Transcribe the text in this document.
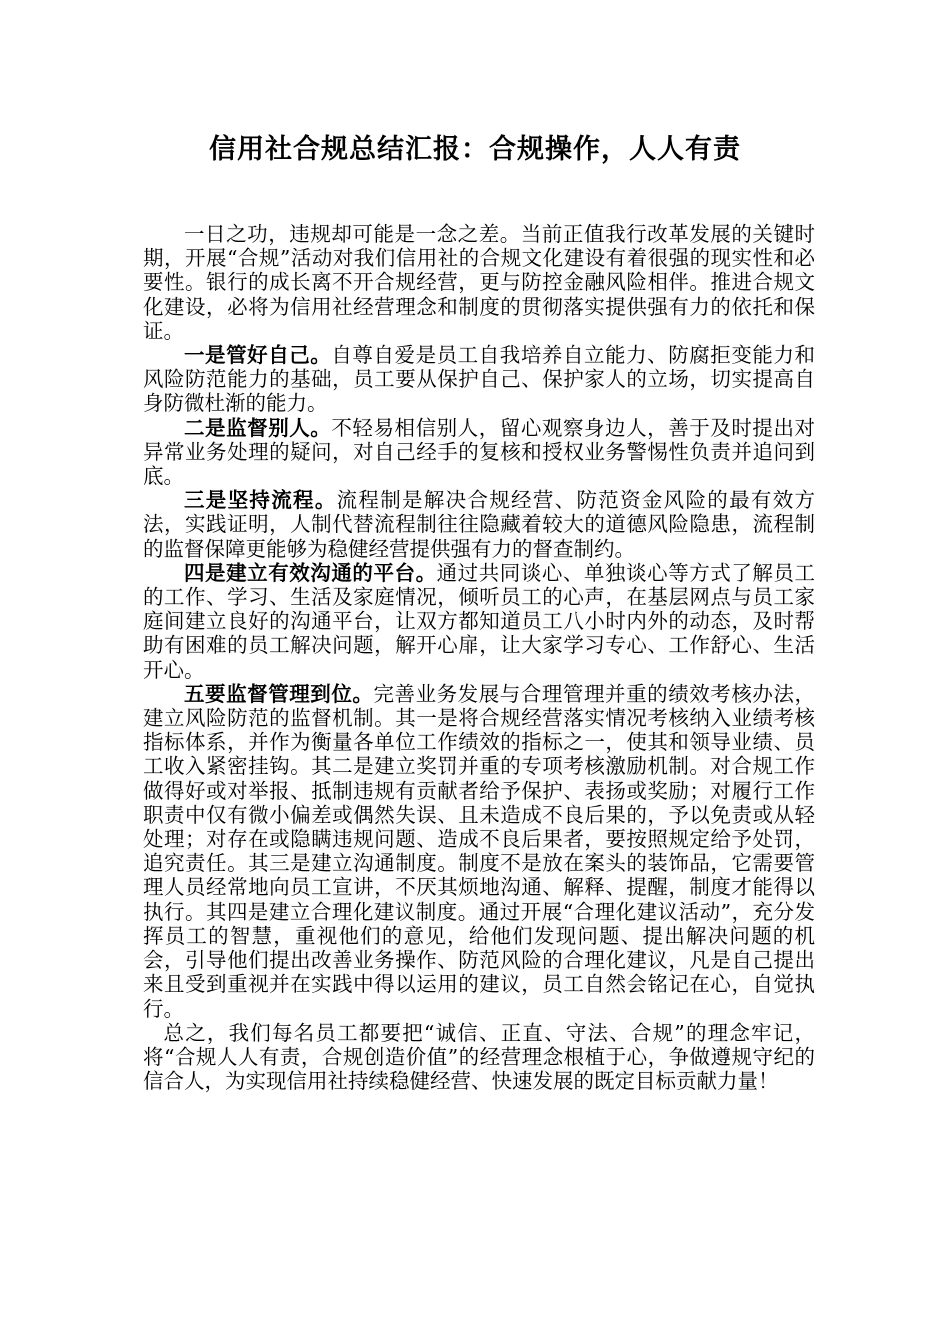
信用社合规总结汇报：合规操作，人人有责

一日之功，违规却可能是一念之差。当前正值我行改革发展的关键时期，开展“合规”活动对我们信用社的合规文化建设有着很强的现实性和必要性。银行的成长离不开合规经营，更与防控金融风险相伴。推进合规文化建设，必将为信用社经营理念和制度的贯彻落实提供强有力的依托和保证。

一是管好自己。自尊自爱是员工自我培养自立能力、防腐拒变能力和风险防范能力的基础，员工要从保护自己、保护家人的立场，切实提高自身防微杜渐的能力。

二是监督别人。不轻易相信别人，留心观察身边人，善于及时提出对异常业务处理的疑问，对自己经手的复核和授权业务警惕性负责并追问到底。

三是坚持流程。流程制是解决合规经营、防范资金风险的最有效方法，实践证明，人制代替流程制往往隐藏着较大的道德风险隐患，流程制的监督保障更能够为稳健经营提供强有力的督查制约。

四是建立有效沟通的平台。通过共同谈心、单独谈心等方式了解员工的工作、学习、生活及家庭情况，倾听员工的心声，在基层网点与员工家庭间建立良好的沟通平台，让双方都知道员工八小时内外的动态，及时帮助有困难的员工解决问题，解开心扉，让大家学习专心、工作舒心、生活开心。

五要监督管理到位。完善业务发展与合理管理并重的绩效考核办法，建立风险防范的监督机制。其一是将合规经营落实情况考核纳入业绩考核指标体系，并作为衡量各单位工作绩效的指标之一，使其和领导业绩、员工收入紧密挂钩。其二是建立奖罚并重的专项考核激励机制。对合规工作做得好或对举报、抵制违规有贡献者给予保护、表扬或奖励；对履行工作职责中仅有微小偏差或偶然失误、且未造成不良后果的，予以免责或从轻处理；对存在或隐瞒违规问题、造成不良后果者，要按照规定给予处罚，追究责任。其三是建立沟通制度。制度不是放在案头的装饰品，它需要管理人员经常地向员工宣讲，不厌其烦地沟通、解释、提醒，制度才能得以执行。其四是建立合理化建议制度。通过开展“合理化建议活动”，充分发挥员工的智慧，重视他们的意见，给他们发现问题、提出解决问题的机会，引导他们提出改善业务操作、防范风险的合理化建议，凡是自己提出来且受到重视并在实践中得以运用的建议，员工自然会铭记在心，自觉执行。

总之，我们每名员工都要把“诚信、正直、守法、合规”的理念牢记，将“合规人人有责，合规创造价值”的经营理念根植于心，争做遵规守纪的信合人，为实现信用社持续稳健经营、快速发展的既定目标贡献力量！
